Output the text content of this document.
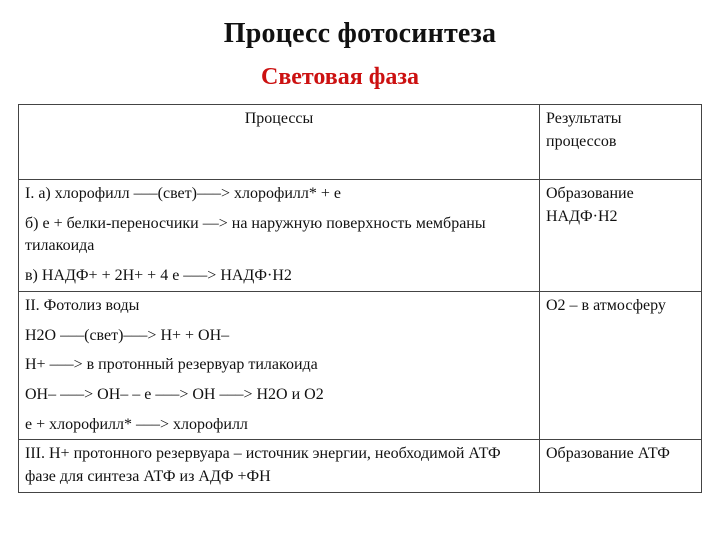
Процесс фотосинтеза
Световая фаза
Процессы	Результаты процессов

I. а) хлорофилл –––(свет)–––> хлорофилл* + е
б) е + белки-переносчики —> на наружную поверхность мембраны тилакоида
в) НАДФ+ + 2Н+ + 4 е –––> НАДФ·Н2	Образование НАДФ·Н2

II. Фотолиз воды
Н2О –––(свет)–––> Н+ + ОН–
Н+ –––> в протонный резервуар тилакоида
ОН– –––> ОН– – е –––> ОН –––> Н2О и О2
е + хлорофилл* –––> хлорофилл	О2 – в атмосферу

III. Н+ протонного резервуара – источник энергии, необходимой АТФ фазе для синтеза АТФ из АДФ +ФН	Образование АТФ
